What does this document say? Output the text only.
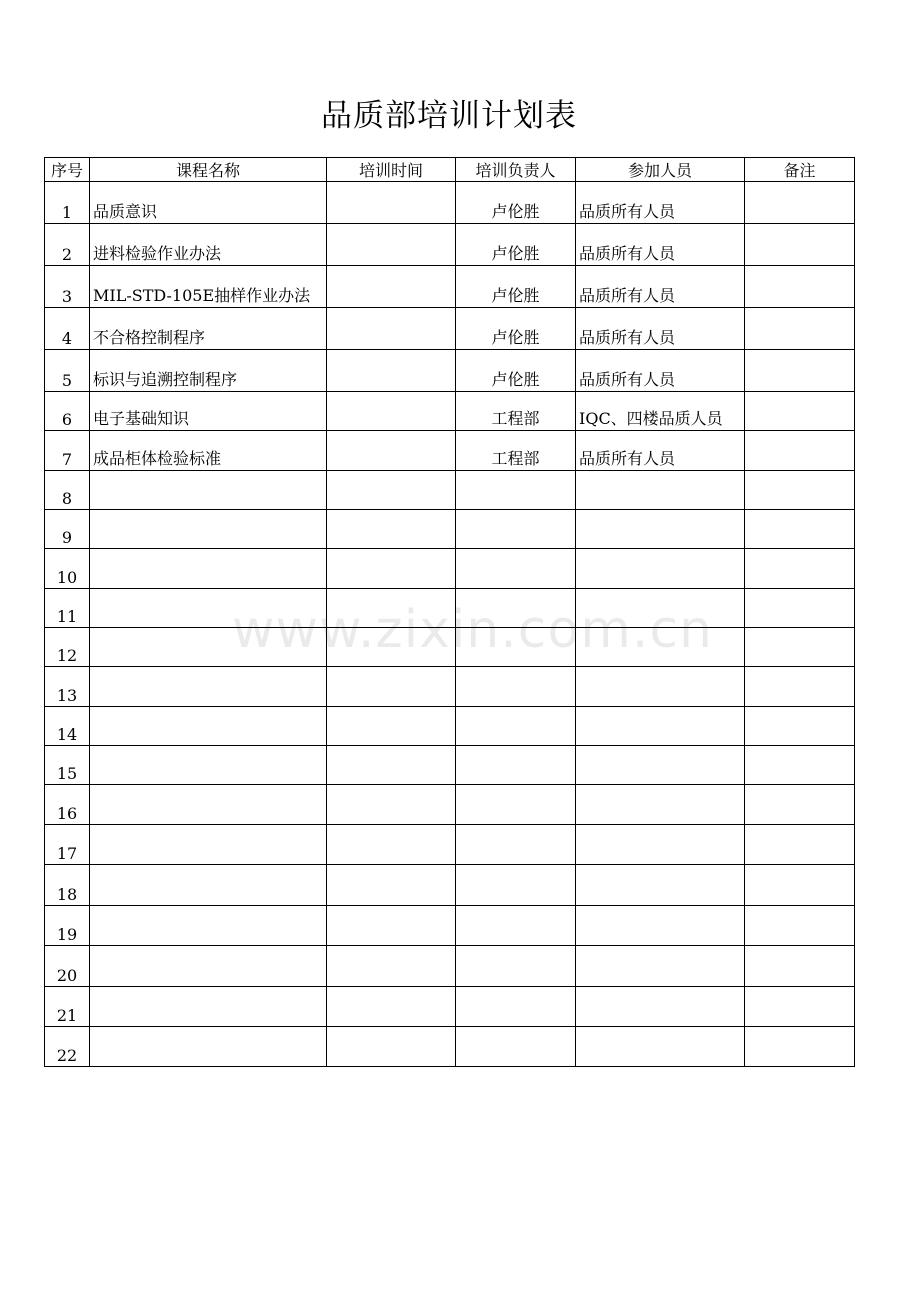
品质部培训计划表
序号	课程名称	培训时间	培训负责人	参加人员	备注
1	品质意识		卢伦胜	品质所有人员	
2	进料检验作业办法		卢伦胜	品质所有人员	
3	MIL-STD-105E抽样作业办法		卢伦胜	品质所有人员	
4	不合格控制程序		卢伦胜	品质所有人员	
5	标识与追溯控制程序		卢伦胜	品质所有人员	
6	电子基础知识		工程部	IQC、四楼品质人员	
7	成品柜体检验标准		工程部	品质所有人员	
8					
9					
10					
11					
12					
13					
14					
15					
16					
17					
18					
19					
20					
21					
22					
www.zixin.com.cn
